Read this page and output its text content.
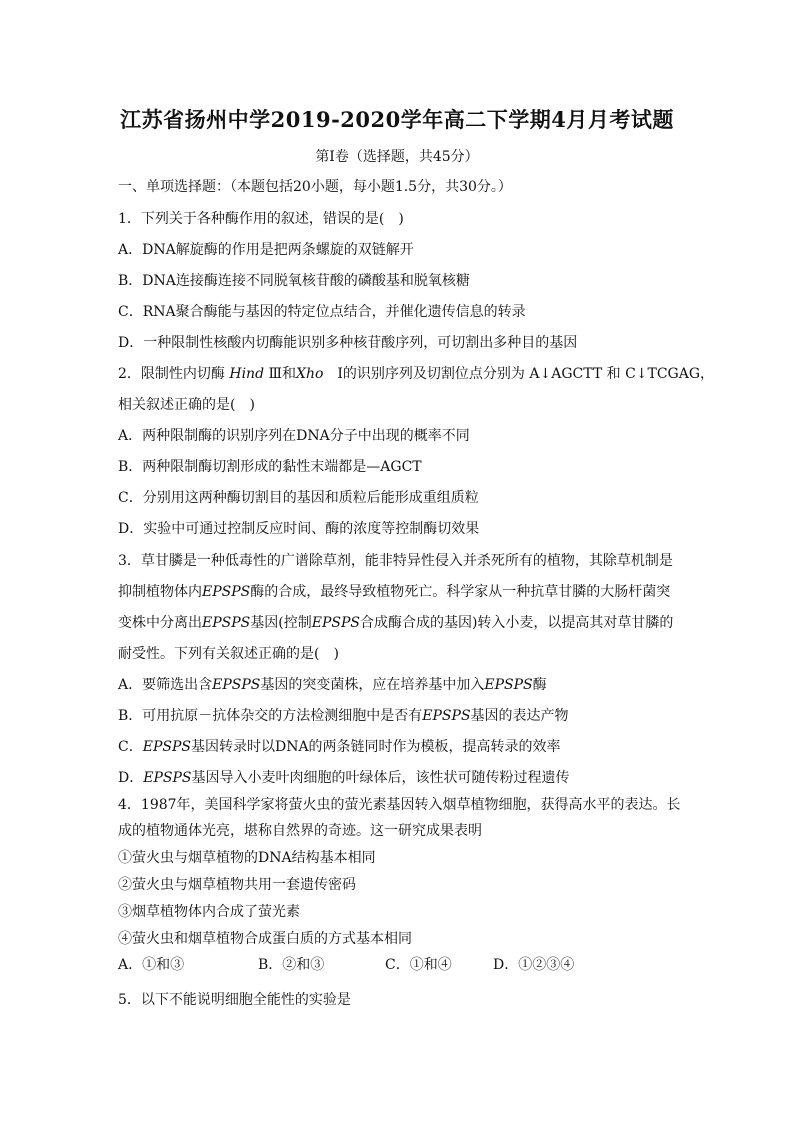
江苏省扬州中学2019-2020学年高二下学期4月月考试题
第Ⅰ卷（选择题，共45分）
一、单项选择题：（本题包括20小题，每小题1.5分，共30分。）
1．下列关于各种酶作用的叙述，错误的是(　)
A．DNA解旋酶的作用是把两条螺旋的双链解开
B．DNA连接酶连接不同脱氧核苷酸的磷酸基和脱氧核糖
C．RNA聚合酶能与基因的特定位点结合，并催化遗传信息的转录
D．一种限制性核酸内切酶能识别多种核苷酸序列，可切割出多种目的基因
2．限制性内切酶 Hind Ⅲ和Xho　Ⅰ的识别序列及切割位点分别为 A↓AGCTT 和 C↓TCGAG，
相关叙述正确的是(　)
A．两种限制酶的识别序列在DNA分子中出现的概率不同
B．两种限制酶切割形成的黏性末端都是—AGCT
C．分别用这两种酶切割目的基因和质粒后能形成重组质粒
D．实验中可通过控制反应时间、酶的浓度等控制酶切效果
3．草甘膦是一种低毒性的广谱除草剂，能非特异性侵入并杀死所有的植物，其除草机制是
抑制植物体内EPSPS酶的合成，最终导致植物死亡。科学家从一种抗草甘膦的大肠杆菌突
变株中分离出EPSPS基因(控制EPSPS合成酶合成的基因)转入小麦，以提高其对草甘膦的
耐受性。下列有关叙述正确的是(　)
A．要筛选出含EPSPS基因的突变菌株，应在培养基中加入EPSPS酶
B．可用抗原－抗体杂交的方法检测细胞中是否有EPSPS基因的表达产物
C．EPSPS基因转录时以DNA的两条链同时作为模板，提高转录的效率
D．EPSPS基因导入小麦叶肉细胞的叶绿体后，该性状可随传粉过程遗传
4．1987年，美国科学家将萤火虫的萤光素基因转入烟草植物细胞，获得高水平的表达。长
成的植物通体光亮，堪称自然界的奇迹。这一研究成果表明
①萤火虫与烟草植物的DNA结构基本相同
②萤火虫与烟草植物共用一套遗传密码
③烟草植物体内合成了萤光素
④萤火虫和烟草植物合成蛋白质的方式基本相同
A．①和③	B．②和③	C．①和④	D．①②③④
5．以下不能说明细胞全能性的实验是
